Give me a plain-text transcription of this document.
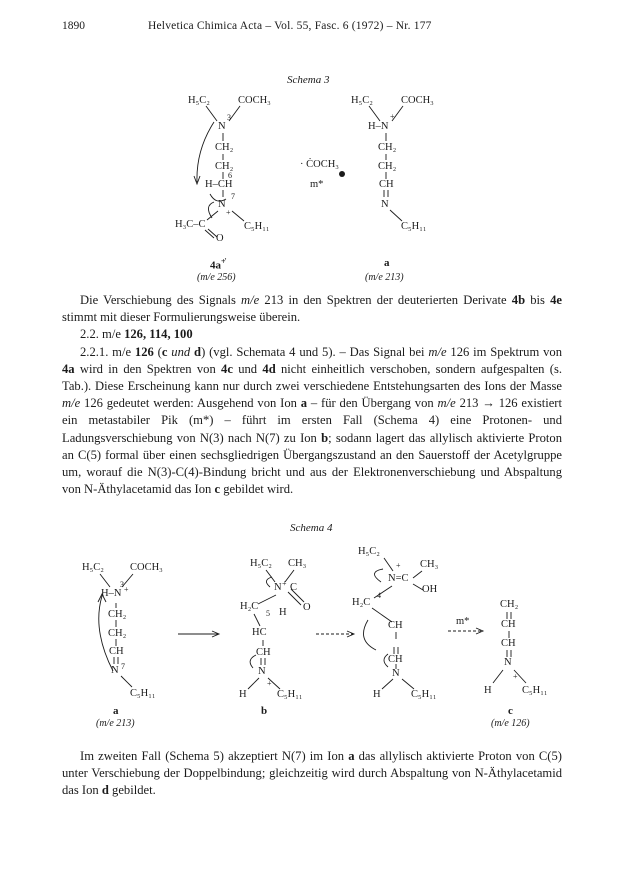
1890	Helvetica Chimica Acta – Vol. 55, Fasc. 6 (1972) – Nr. 177
Schema 3
H₅C₂	COCH₃
3
N
CH₂
CH₂
6
H–CH
7
N
+
H₃C–C	C₅H₁₁
O
4a+̇
(m/e 256)
· ĊOCH₃
m*
H₅C₂	COCH₃
+
H–N
CH₂
CH₂
CH
N
C₅H₁₁
a
(m/e 213)

Die Verschiebung des Signals m/e 213 in den Spektren der deuterierten Derivate 4b bis 4e stimmt mit dieser Formulierungsweise überein.

2.2. m/e 126, 114, 100

2.2.1. m/e 126 (c und d) (vgl. Schemata 4 und 5). – Das Signal bei m/e 126 im Spektrum von 4a wird in den Spektren von 4c und 4d nicht einheitlich verschoben, sondern aufgespalten (s. Tab.). Diese Erscheinung kann nur durch zwei verschiedene Entstehungsarten des Ions der Masse m/e 126 gedeutet werden: Ausgehend von Ion a – für den Übergang von m/e 213 → 126 existiert ein metastabiler Pik (m*) – führt im ersten Fall (Schema 4) eine Protonen- und Ladungsverschiebung von N(3) nach N(7) zu Ion b; sodann lagert das allylisch aktivierte Proton an C(5) formal über einen sechsgliedrigen Übergangszustand an den Sauerstoff der Acetylgruppe um, worauf die N(3)-C(4)-Bindung bricht und aus der Elektronenverschiebung und Abspaltung von N-Äthylacetamid das Ion c gebildet wird.

Schema 4
H₅C₂ COCH₃
3
H–N +
CH₂
CH₂
CH
N 7
C₅H₁₁
a
(m/e 213)
H₅C₂ CH₃
N + C
H₂C
5 H O
HC
CH
N
+
H	C₅H₁₁
b
H₅C₂
+
N=C
CH₃
OH
4
H₂C
CH
CH
N
H	C₅H₁₁
m*
CH₂
CH
CH
N
+
H	C₅H₁₁
c
(m/e 126)

Im zweiten Fall (Schema 5) akzeptiert N(7) im Ion a das allylisch aktivierte Proton von C(5) unter Verschiebung der Doppelbindung; gleichzeitig wird durch Abspaltung von N-Äthylacetamid das Ion d gebildet.
